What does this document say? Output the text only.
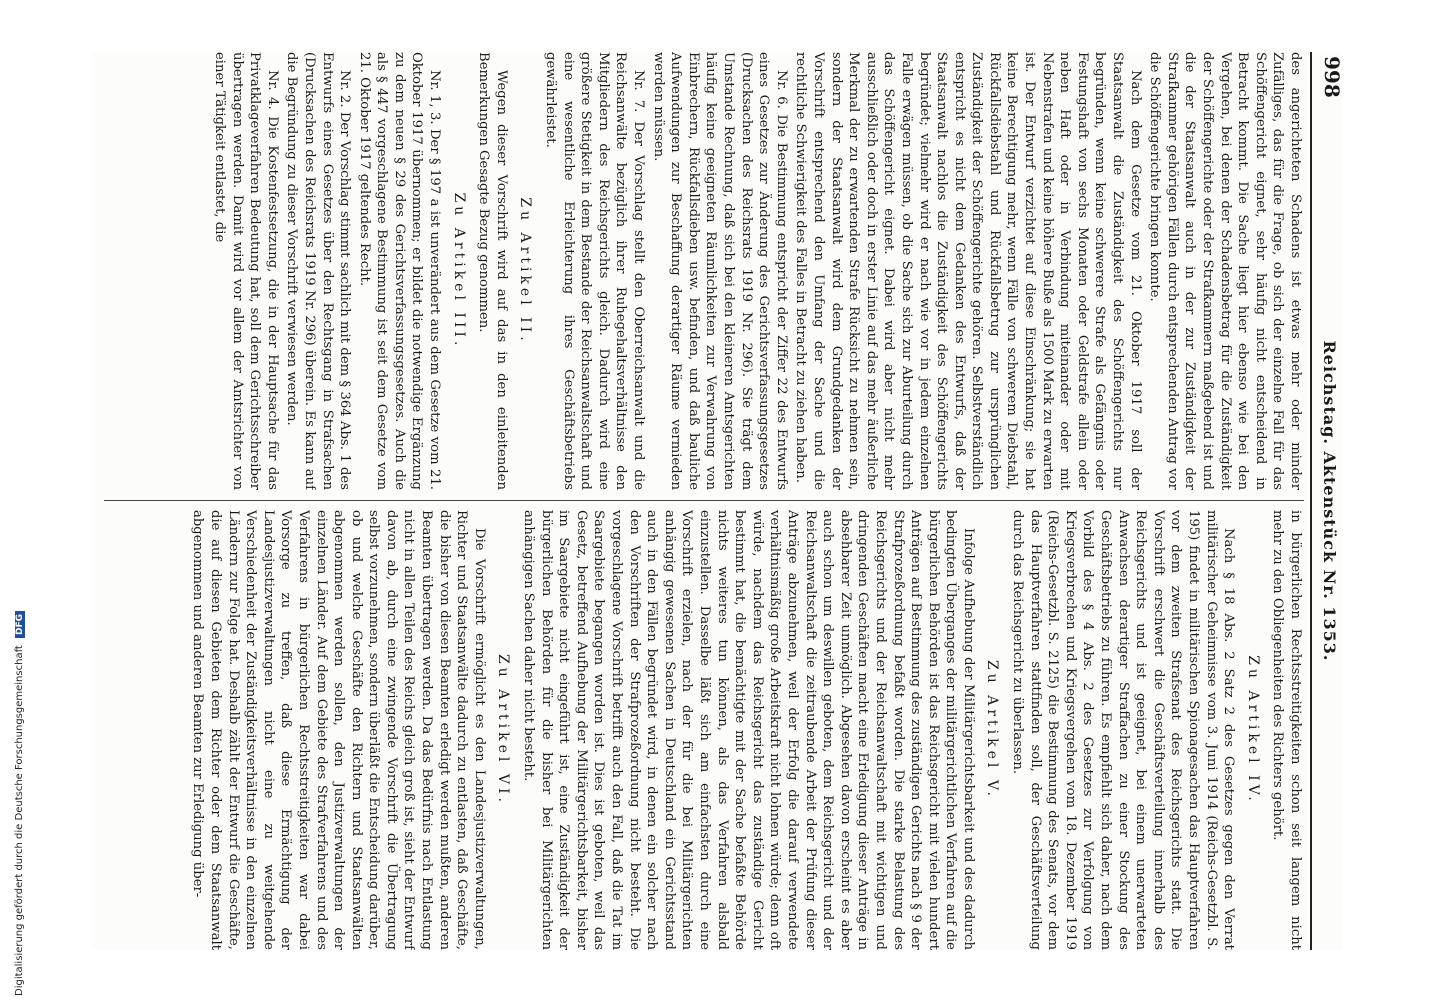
998
Reichstag. Aktenstück Nr. 1353.

des angerichteten Schadens ist etwas mehr oder minder Zufälliges, das für die Frage, ob sich der einzelne Fall für das Schöffengericht eignet, sehr häufig nicht entscheidend in Betracht kommt. Die Sache liegt hier ebenso wie bei den Vergehen, bei denen der Schadensbetrag für die Zuständigkeit der Schöffengerichte oder der Strafkammern maßgebend ist und die der Staatsanwalt auch in der zur Zuständigkeit der Strafkammer gehörigen Fällen durch entsprechenden Antrag vor die Schöffengerichte bringen konnte.

Nach dem Gesetze vom 21. Oktober 1917 soll der Staatsanwalt die Zuständigkeit des Schöffengerichts nur begründen, wenn keine schwerere Strafe als Gefängnis oder Festungshaft von sechs Monaten oder Geldstrafe allein oder neben Haft oder in Verbindung miteinander oder mit Nebenstrafen und keine höhere Buße als 1500 Mark zu erwarten ist. Der Entwurf verzichtet auf diese Einschränkung; sie hat keine Berechtigung mehr, wenn Fälle von schwerem Diebstahl, Rückfallsdiebstahl und Rückfallsbetrug zur ursprünglichen Zuständigkeit der Schöffengerichte gehören. Selbstverständlich entspricht es nicht dem Gedanken des Entwurfs, daß der Staatsanwalt nachlos die Zuständigkeit des Schöffengerichts begründet; vielmehr wird er nach wie vor in jedem einzelnen Falle erwägen müssen, ob die Sache sich zur Aburteilung durch das Schöffengericht eignet. Dabei wird aber nicht mehr ausschließlich oder doch in erster Linie auf das mehr äußerliche Merkmal der zu erwartenden Strafe Rücksicht zu nehmen sein, sondern der Staatsanwalt wird dem Grundgedanken der Vorschrift entsprechend den Umfang der Sache und die rechtliche Schwierigkeit des Falles in Betracht zu ziehen haben.

Nr. 6. Die Bestimmung entspricht der Ziffer 22 des Entwurfs eines Gesetzes zur Änderung des Gerichtsverfassungsgesetzes (Drucksachen des Reichsrats 1919 Nr. 296). Sie trägt dem Umstande Rechnung, daß sich bei den kleineren Amtsgerichten häufig keine geeigneten Räumlichkeiten zur Verwahrung von Einbrechern, Rückfallsdieben usw. befinden, und daß bauliche Aufwendungen zur Beschaffung derartiger Räume vermieden werden müssen.

Nr. 7. Der Vorschlag stellt den Oberreichsanwalt und die Reichsanwälte bezüglich ihrer Ruhegehaltsverhältnisse den Mitgliedern des Reichsgerichts gleich. Dadurch wird eine größere Stetigkeit in dem Bestande der Reichsanwaltschaft und eine wesentliche Erleichterung ihres Geschäftsbetriebs gewährleistet.

Zu Artikel II.

Wegen dieser Vorschrift wird auf das in den einleitenden Bemerkungen Gesagte Bezug genommen.

Zu Artikel III.

Nr. 1, 3. Der § 197 a ist unverändert aus dem Gesetze vom 21. Oktober 1917 übernommen; er bildet die notwendige Ergänzung zu dem neuen § 29 des Gerichtsverfassungsgesetzes. Auch die als § 447 vorgeschlagene Bestimmung ist seit dem Gesetze vom 21. Oktober 1917 geltendes Recht.

Nr. 2. Der Vorschlag stimmt sachlich mit dem § 364 Abs. 1 des Entwurfs eines Gesetzes über den Rechtsgang in Strafsachen (Drucksachen des Reichsrats 1919 Nr. 296) überein. Es kann auf die Begründung zu dieser Vorschrift verwiesen werden.

Nr. 4. Die Kostenfestsetzung, die in der Hauptsache für das Privatklageverfahren Bedeutung hat, soll dem Gerichtsschreiber übertragen werden. Damit wird vor allem der Amtsrichter von einer Tätigkeit entlastet, die

in bürgerlichen Rechtsstreitigkeiten schon seit langem nicht mehr zu den Obliegenheiten des Richters gehört.

Zu Artikel IV.

Nach § 18 Abs. 2 Satz 2 des Gesetzes gegen den Verrat militärischer Geheimnisse vom 3. Juni 1914 (Reichs-Gesetzbl. S. 195) findet in militärischen Spionagesachen das Hauptverfahren vor dem zweiten Strafsenat des Reichsgerichts statt. Die Vorschrift erschwert die Geschäftsverteilung innerhalb des Reichsgerichts und ist geeignet, bei einem unerwarteten Anwachsen derartiger Straffachen zu einer Stockung des Geschäftsbetriebs zu führen. Es empfiehlt sich daher, nach dem Vorbild des § 4 Abs. 2 des Gesetzes zur Verfolgung von Kriegsverbrechen und Kriegsvergehen vom 18. Dezember 1919 (Reichs-Gesetzbl. S. 2125) die Bestimmung des Senats, vor dem das Hauptverfahren stattfinden soll, der Geschäftsverteilung durch das Reichsgericht zu überlassen.

Zu Artikel V.

Infolge Aufhebung der Militärgerichtsbarkeit und des dadurch bedingten Überganges der militärgerichtlichen Verfahren auf die bürgerlichen Behörden ist das Reichsgericht mit vielen hundert Anträgen auf Bestimmung des zuständigen Gerichts nach § 9 der Strafprozeßordnung befaßt worden. Die starke Belastung des Reichsgerichts und der Reichsanwaltschaft mit wichtigen und dringenden Geschäften macht eine Erledigung dieser Anträge in absehbarer Zeit unmöglich. Abgesehen davon erscheint es aber auch schon um deswillen geboten, dem Reichsgericht und der Reichsanwaltschaft die zeitraubende Arbeit der Prüfung dieser Anträge abzunehmen, weil der Erfolg die darauf verwendete verhältnismäßig große Arbeitskraft nicht lohnen würde; denn oft würde, nachdem das Reichsgericht das zuständige Gericht bestimmt hat, die bemächtigte mit der Sache befaßte Behörde nichts weiteres tun können, als das Verfahren alsbald einzustellen. Dasselbe läßt sich am einfachsten durch eine Vorschrift erzielen, nach der für die bei Militärgerichten anhängig gewesenen Sachen in Deutschland ein Gerichtsstand auch in den Fällen begründet wird, in denen ein solcher nach den Vorschriften der Strafprozeßordnung nicht besteht. Die vorgeschlagene Vorschrift betrifft auch den Fall, daß die Tat im Saargebiete begangen worden ist. Dies ist geboten, weil das Gesetz, betreffend Aufhebung der Militärgerichtsbarkeit, bisher im Saargebiete nicht eingeführt ist, eine Zuständigkeit der bürgerlichen Behörden für die bisher bei Militärgerichten anhängigen Sachen daher nicht besteht.

Zu Artikel VI.

Die Vorschrift ermöglicht es den Landesjustizverwaltungen, Richter und Staatsanwälte dadurch zu entlasten, daß Geschäfte, die bisher von diesen Beamten erledigt werden mußten, anderen Beamten übertragen werden. Da das Bedürfnis nach Entlastung nicht in allen Teilen des Reichs gleich groß ist, sieht der Entwurf davon ab, durch eine zwingende Vorschrift die Übertragung selbst vorzunehmen, sondern überläßt die Entscheidung darüber, ob und welche Geschäfte den Richtern und Staatsanwälten abgenommen werden sollen, den Justizverwaltungen der einzelnen Länder. Auf dem Gebiete des Strafverfahrens und des Verfahrens in bürgerlichen Rechtsstreitigkeiten war dabei Vorsorge zu treffen, daß diese Ermächtigung der Landesjustizverwaltungen nicht eine zu weitgehende Verschiedenheit der Zuständigkeitsverhältnisse in den einzelnen Ländern zur Folge hat. Deshalb zählt der Entwurf die Geschäfte, die auf diesen Gebieten dem Richter oder dem Staatsanwalt abgenommen und anderen Beamten zur Erledigung über-

Digitalisierung gefördert durch die Deutsche Forschungsgemeinschaft DFG
